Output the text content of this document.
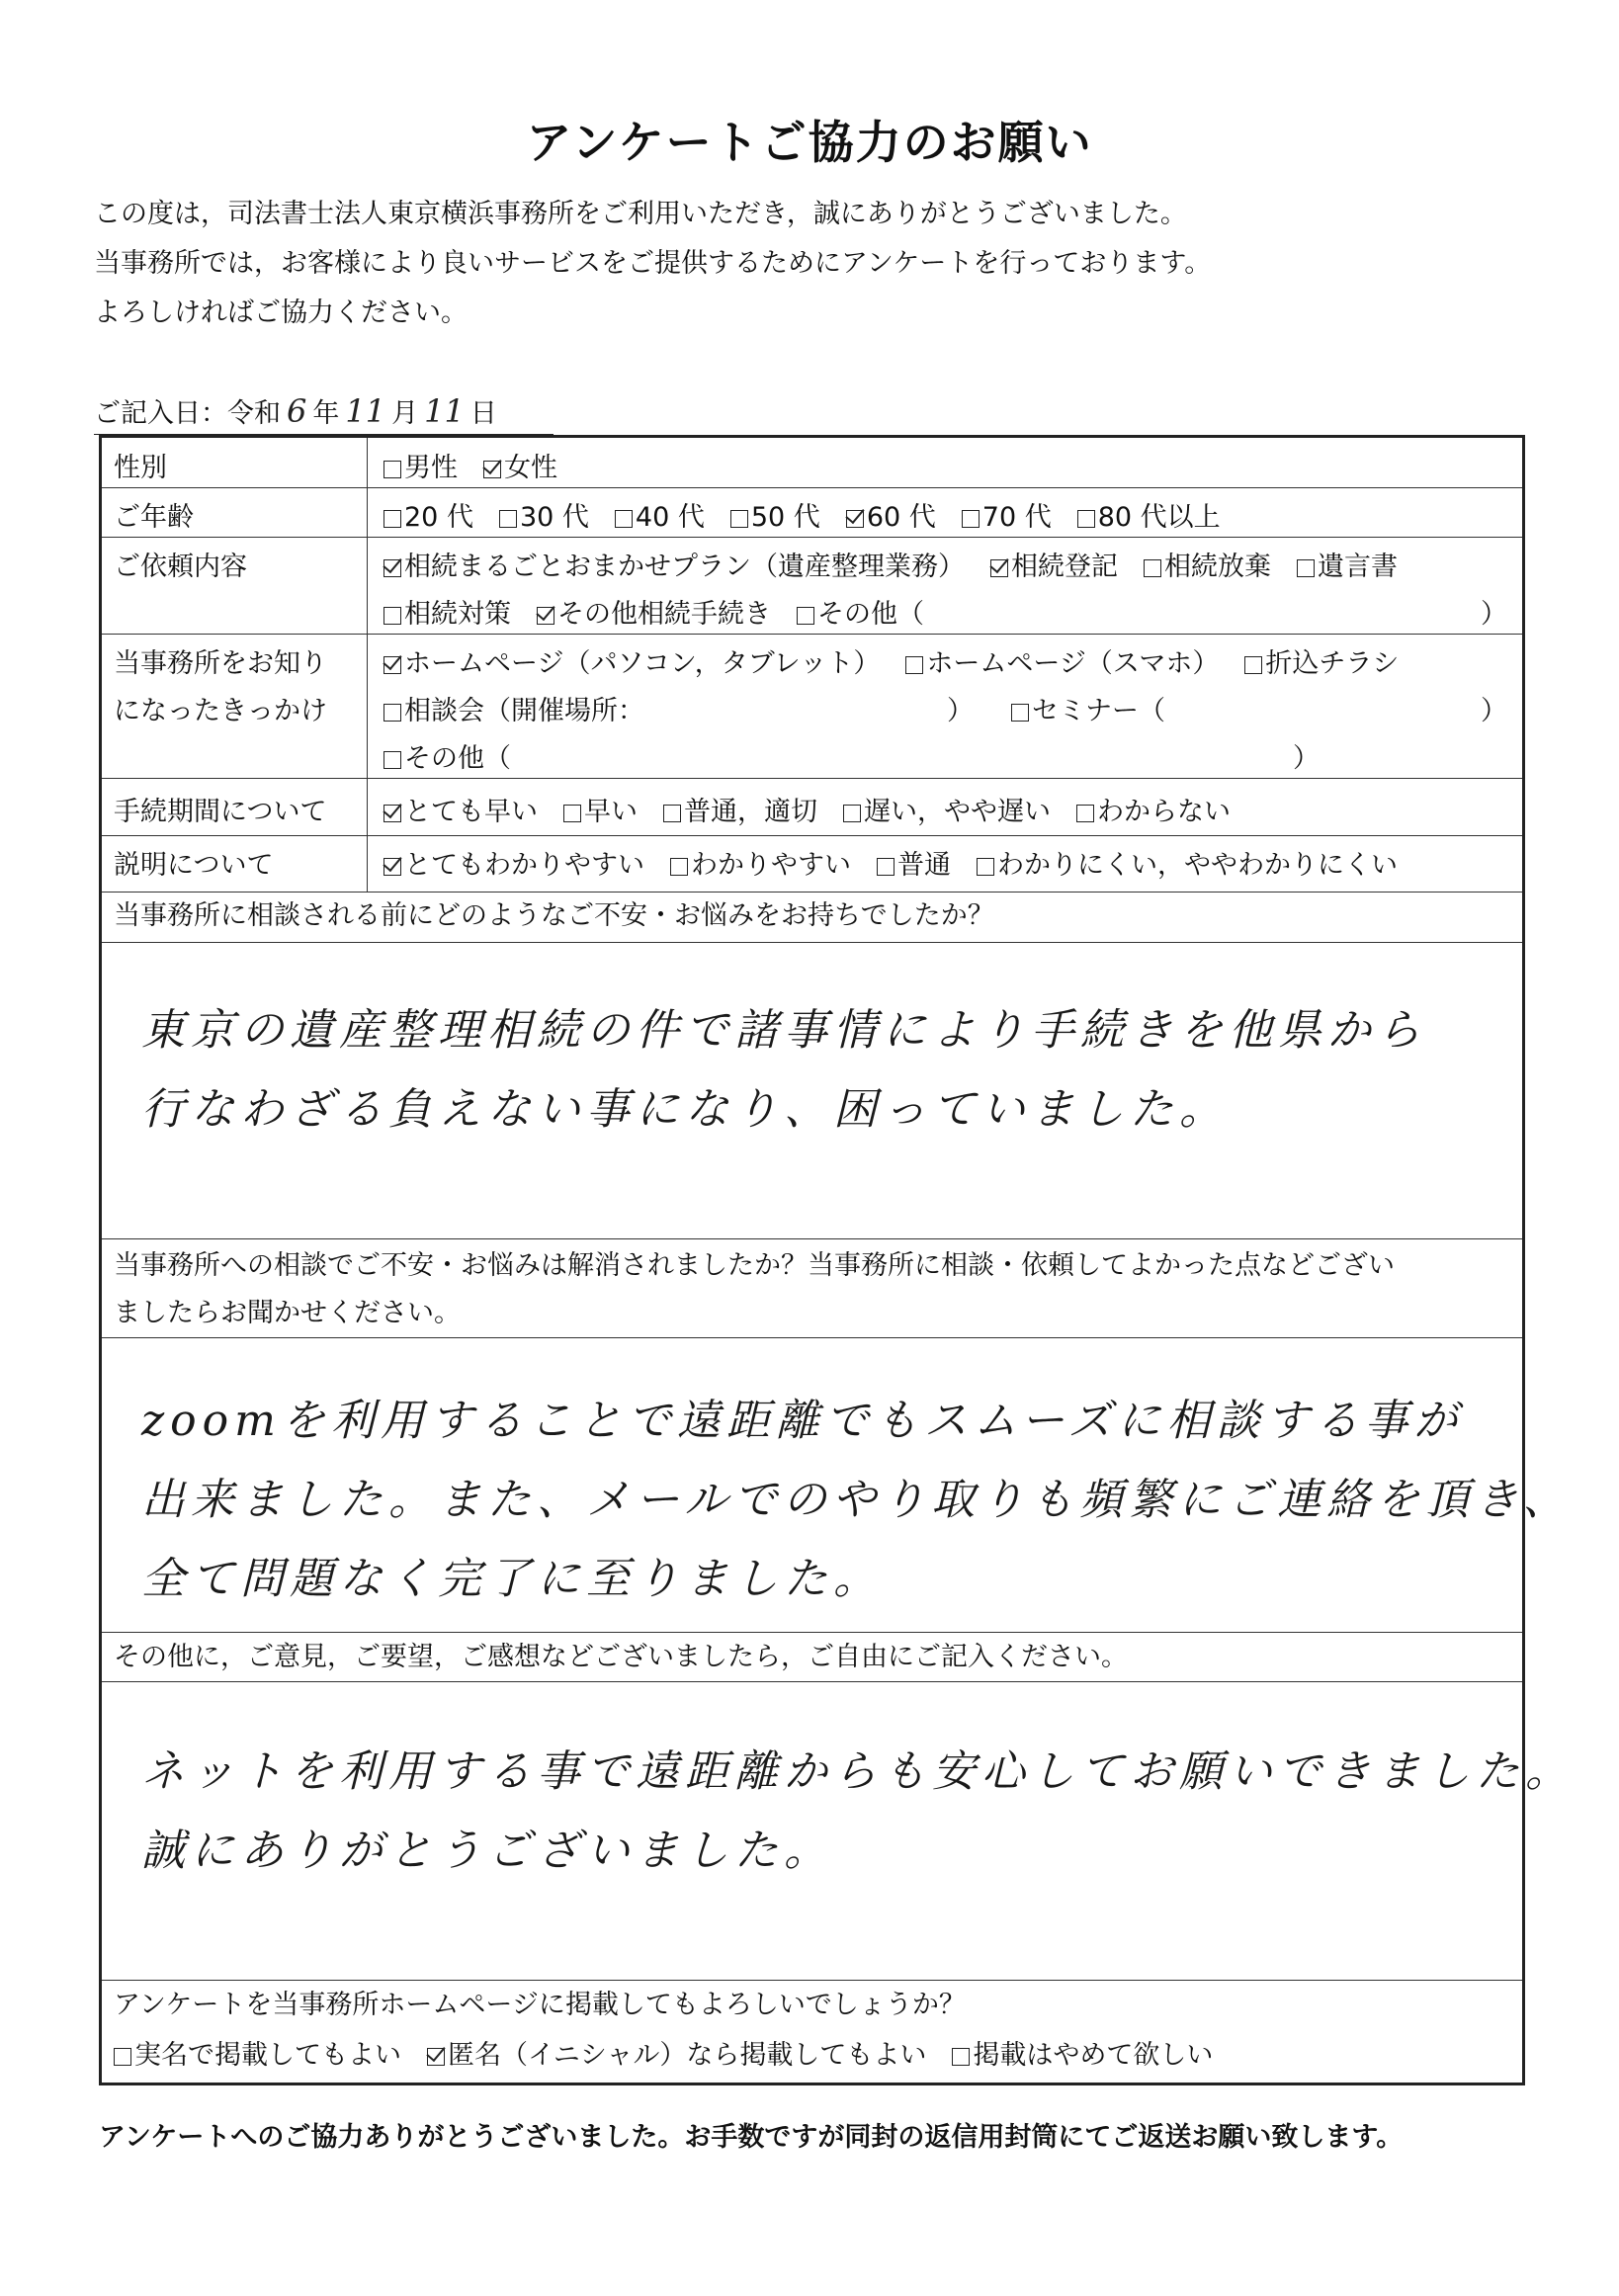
アンケートご協力のお願い
この度は，司法書士法人東京横浜事務所をご利用いただき，誠にありがとうございました。
当事務所では，お客様により良いサービスをご提供するためにアンケートを行っております。
よろしければご協力ください。
ご記入日：令和 6 年 11 月 11 日
性別	男性 女性
ご年齢	20 代 30 代 40 代 50 代 60 代 70 代 80 代以上
ご依頼内容	相続まるごとおまかせプラン（遺産整理業務） 相続登記 相続放棄 遺言書
相続対策 その他相続手続き その他（	）
当事務所をお知り
になったきっかけ
ホームページ（パソコン，タブレット） ホームページ（スマホ） 折込チラシ
相談会（開催場所：	）	セミナー（	）
その他（	）
手続期間について	とても早い 早い 普通，適切 遅い，やや遅い わからない
説明について	とてもわかりやすい わかりやすい 普通 わかりにくい，ややわかりにくい
当事務所に相談される前にどのようなご不安・お悩みをお持ちでしたか？
東京の遺産整理相続の件で諸事情により手続きを他県から
行なわざる負えない事になり、困っていました。
当事務所への相談でご不安・お悩みは解消されましたか？当事務所に相談・依頼してよかった点などござい
ましたらお聞かせください。
zoomを利用することで遠距離でもスムーズに相談する事が
出来ました。また、メールでのやり取りも頻繁にご連絡を頂き、
全て問題なく完了に至りました。
その他に，ご意見，ご要望，ご感想などございましたら，ご自由にご記入ください。
ネットを利用する事で遠距離からも安心してお願いできました。
誠にありがとうございました。
アンケートを当事務所ホームページに掲載してもよろしいでしょうか？
実名で掲載してもよい 匿名（イニシャル）なら掲載してもよい 掲載はやめて欲しい
アンケートへのご協力ありがとうございました。お手数ですが同封の返信用封筒にてご返送お願い致します。
